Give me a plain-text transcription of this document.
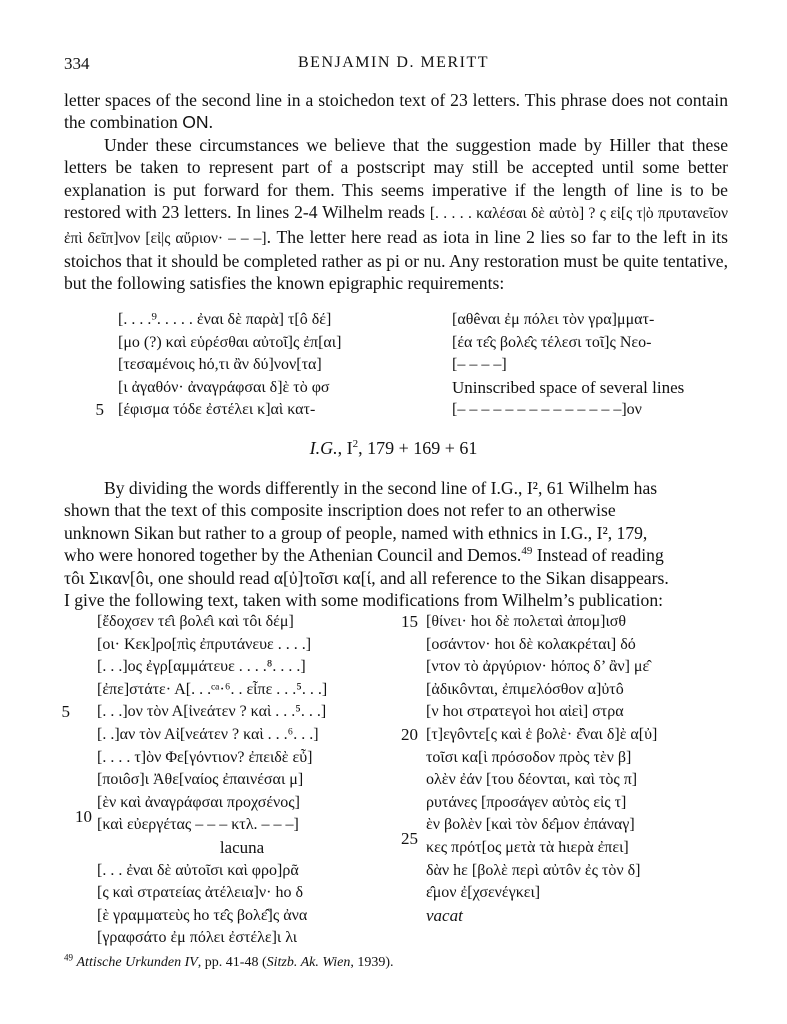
334	BENJAMIN D. MERITT

letter spaces of the second line in a stoichedon text of 23 letters. This phrase does not contain the combination ON.

Under these circumstances we believe that the suggestion made by Hiller that these letters be taken to represent part of a postscript may still be accepted until some better explanation is put forward for them. This seems imperative if the length of line is to be restored with 23 letters. In lines 2-4 Wilhelm reads [. . . . . καλέσαι δὲ αὐτὸ] ? ς εἰ[ς τ|ὸ πρυτανεῖον ἐπὶ δεῖπ]νον [εἰ|ς αὔριον· – – –]. The letter here read as iota in line 2 lies so far to the left in its stoichos that it should be completed rather as pi or nu. Any restoration must be quite tentative, but the following satisfies the known epigraphic requirements:

5
[. . . .⁹. . . . . ἐναι δὲ παρὰ] τ[ô δέ]
[μο (?) καὶ εὑρέσθαι αὐτοῖ]ς ἐπ[αι]
[τεσαμένοις hό,τι ἂν δύ]νον[τα]
[ι ἀγαθόν· ἀναγράφσαι δ]ὲ τὸ φσ
[έφισμα τόδε ἐστέλει κ]αὶ κατ-
[αθêναι ἐμ πόλει τὸν γρα]μματ-
[έα τε̂ς βολε̂ς τέλεσι τοῖ]ς Νεο-
[– – – –]
Uninscribed space of several lines
[– – – – – – – – – – – – – –]ον
I.G., $I^2$, 179 + 169 + 61
By dividing the words differently in the second line of I.G., I², 61 Wilhelm has
shown that the text of this composite inscription does not refer to an otherwise
unknown Sikan but rather to a group of people, named with ethnics in I.G., I², 179,
who were honored together by the Athenian Council and Demos.$^{49}$ Instead of reading
τôι Σικαν[ôι, one should read α[ὐ]τοῖσι κα[ί, and all reference to the Sikan disappears.
I give the following text, taken with some modifications from Wilhelm’s publication:
5
10
[ἔδοχσεν τε̂ι βολε̂ι καὶ τôι δέμ]
[οι· Κεκ]ρο[πὶς ἐπρυτάνευε . . . .]
[. . .]ος ἐγρ[αμμάτευε . . . .⁸. . . .]
[ἐπε]στάτε· Α[. . .ᶜᵃ·⁶. . εἶπε . . .⁵. . .]
[. . .]ον τὸν Α[ἰνεάτεν ? καὶ . . .⁵. . .]
[. .]αν τὸν Αἰ[νεάτεν ? καὶ . . .⁶. . .]
[. . . . τ]ὸν Φε[γόντιον? ἐπειδὲ εὖ]
[ποιôσ]ι Ἀθε[ναίος ἐπαινέσαι μ]
[ὲν καὶ ἀναγράφσαι προχσένος]
[καὶ εὐεργέτας – – – κτλ. – – –]
lacuna
[. . . ἐναι δὲ αὐτοῖσι καὶ φρο]ρᾶ
[ς καὶ στρατείας ἀτέλεια]ν· hο δ
[ὲ γραμματεὺς hο τε̂ς βολε̂]ς ἀνα
[γραφσάτο ἐμ πόλει ἐστέλε]ι λι
15
20
25
[θίνει· hοι δὲ πολεταὶ ἀπομ]ισθ
[οσάντον· hοι δὲ κολακρέται] δό
[ντον τὸ ἀργύριον· hόπος δ’ ἂν] με̂
[ἀδικôνται, ἐπιμελόσθον α]ὐτô
[ν hοι στρατεγοὶ hοι αἰεὶ] στρα
[τ]εγôντε[ς καὶ ἑ βολὲ· ἐ̂ναι δ]ὲ α[ὐ]
τοῖσι κα[ὶ πρόσοδον πρὸς τὲν β]
ολὲν ἐάν [του δέονται, καὶ τὸς π]
ρυτάνες [προσάγεν αὐτὸς εἰς τ]
ὲν βολὲν [καὶ τὸν δε̂μον ἐπάναγ]
κες πρότ[ος μετὰ τὰ hιερὰ ἐπει]
δὰν hε [βολὲ περὶ αὐτôν ἐς τὸν δ]
ε̂μον ἐ[χσενέγκει]
vacat
$^{49}$ Attische Urkunden IV, pp. 41-48 (Sitzb. Ak. Wien, 1939).
